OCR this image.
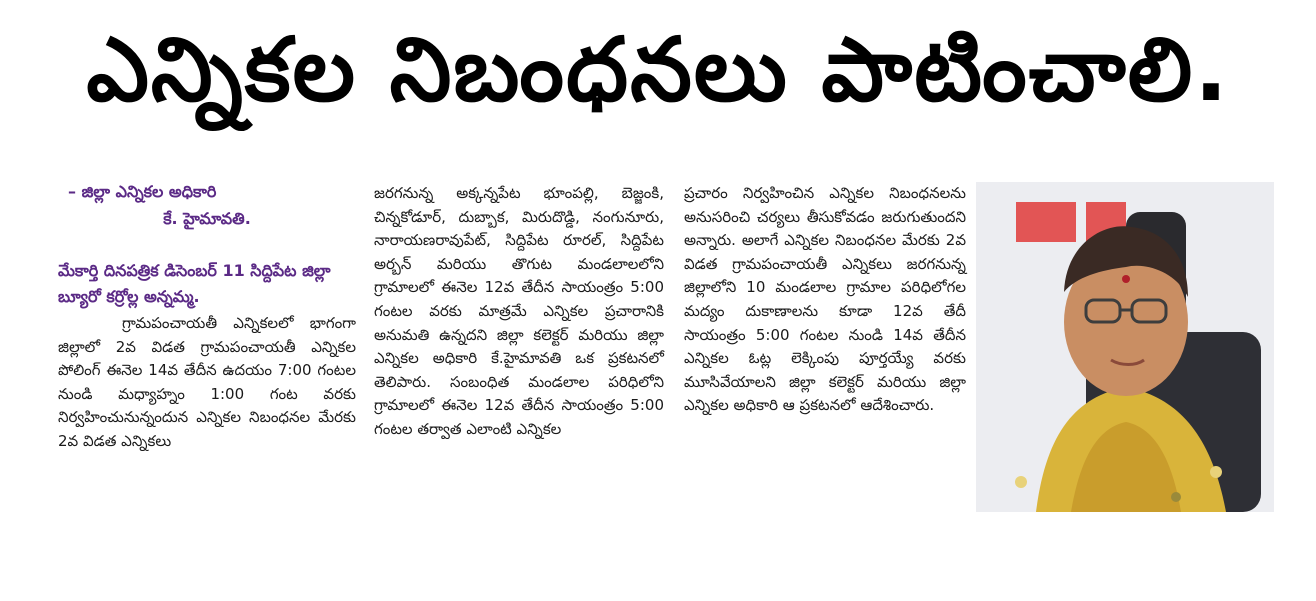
ఎన్నికల నిబంధనలు పాటించాలి.
– జిల్లా ఎన్నికల అధికారి
కే. హైమావతి.
మేకార్తి దినపత్రిక డిసెంబర్ 11 సిద్దిపేట జిల్లా బ్యూరో కర్రోల్ల అన్నమ్మ.
గ్రామపంచాయతీ ఎన్నికలలో భాగంగా జిల్లాలో 2వ విడత గ్రామపంచాయతీ ఎన్నికల పోలింగ్ ఈనెల 14వ తేదీన ఉదయం 7:00 గంటల నుండి మధ్యాహ్నం 1:00 గంట వరకు నిర్వహించునున్నందున ఎన్నికల నిబంధనల మేరకు 2వ విడత ఎన్నికలు
జరగనున్న అక్కన్నపేట భూంపల్లి, బెజ్జంకి, చిన్నకోడూర్, దుబ్బాక, మిరుదొడ్డి, నంగునూరు, నారాయణరావుపేట్, సిద్దిపేట రూరల్, సిద్దిపేట అర్బన్ మరియు తొగుట మండలాలలోని గ్రామాలలో ఈనెల 12వ తేదీన సాయంత్రం 5:00 గంటల వరకు మాత్రమే ఎన్నికల ప్రచారానికి అనుమతి ఉన్నదని జిల్లా కలెక్టర్ మరియు జిల్లా ఎన్నికల అధికారి కే.హైమావతి ఒక ప్రకటనలో తెలిపారు. సంబంధిత మండలాల పరిధిలోని గ్రామాలలో ఈనెల 12వ తేదీన సాయంత్రం 5:00 గంటల తర్వాత ఎలాంటి ఎన్నికల
ప్రచారం నిర్వహించిన ఎన్నికల నిబంధనలను అనుసరించి చర్యలు తీసుకోవడం జరుగుతుందని అన్నారు. అలాగే ఎన్నికల నిబంధనల మేరకు 2వ విడత గ్రామపంచాయతీ ఎన్నికలు జరగనున్న జిల్లాలోని 10 మండలాల గ్రామాల పరిధిలోగల మద్యం దుకాణాలను కూడా 12వ తేదీ సాయంత్రం 5:00 గంటల నుండి 14వ తేదీన ఎన్నికల ఓట్ల లెక్కింపు పూర్తయ్యే వరకు మూసివేయాలని జిల్లా కలెక్టర్ మరియు జిల్లా ఎన్నికల అధికారి ఆ ప్రకటనలో ఆదేశించారు.
